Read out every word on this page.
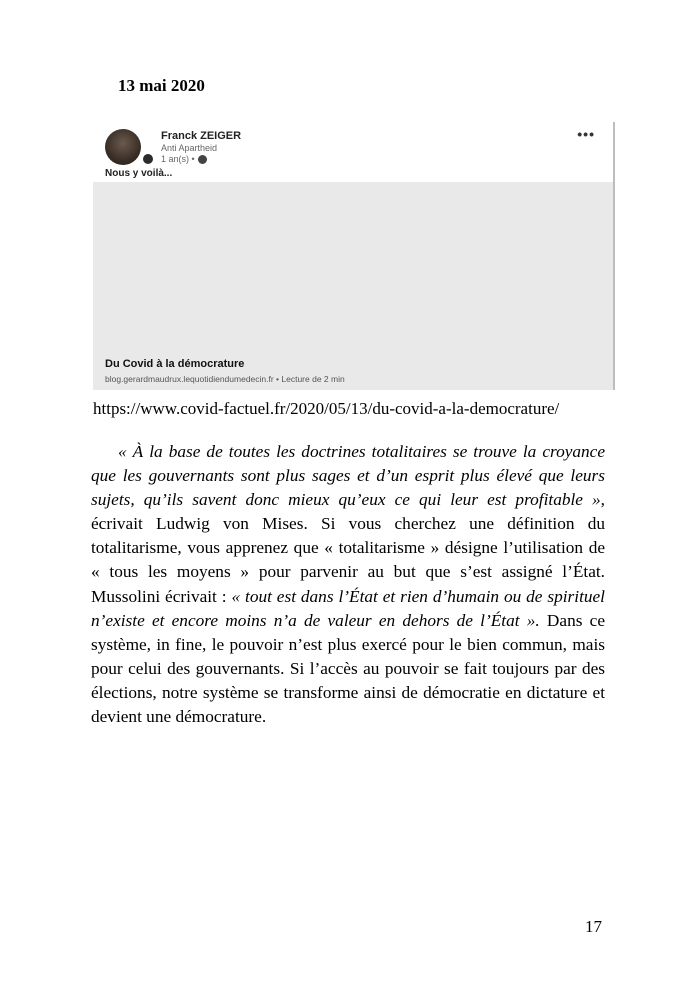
13 mai 2020
Franck ZEIGER
Anti Apartheid
1 an(s) •
•••
Nous y voilà...
Du Covid à la démocrature
blog.gerardmaudrux.lequotidiendumedecin.fr • Lecture de 2 min
https://www.covid-factuel.fr/2020/05/13/du-covid-a-la-democrature/

« À la base de toutes les doctrines totalitaires se trouve la croyance que les gouvernants sont plus sages et d’un esprit plus élevé que leurs sujets, qu’ils savent donc mieux qu’eux ce qui leur est profitable », écrivait Ludwig von Mises. Si vous cherchez une définition du totalitarisme, vous apprenez que « totalitarisme » désigne l’utilisation de « tous les moyens » pour parvenir au but que s’est assigné l’État. Mussolini écrivait : « tout est dans l’État et rien d’humain ou de spirituel n’existe et encore moins n’a de valeur en dehors de l’État ». Dans ce système, in fine, le pouvoir n’est plus exercé pour le bien commun, mais pour celui des gouvernants. Si l’accès au pouvoir se fait toujours par des élections, notre système se transforme ainsi de démocratie en dictature et devient une démocrature.

17
